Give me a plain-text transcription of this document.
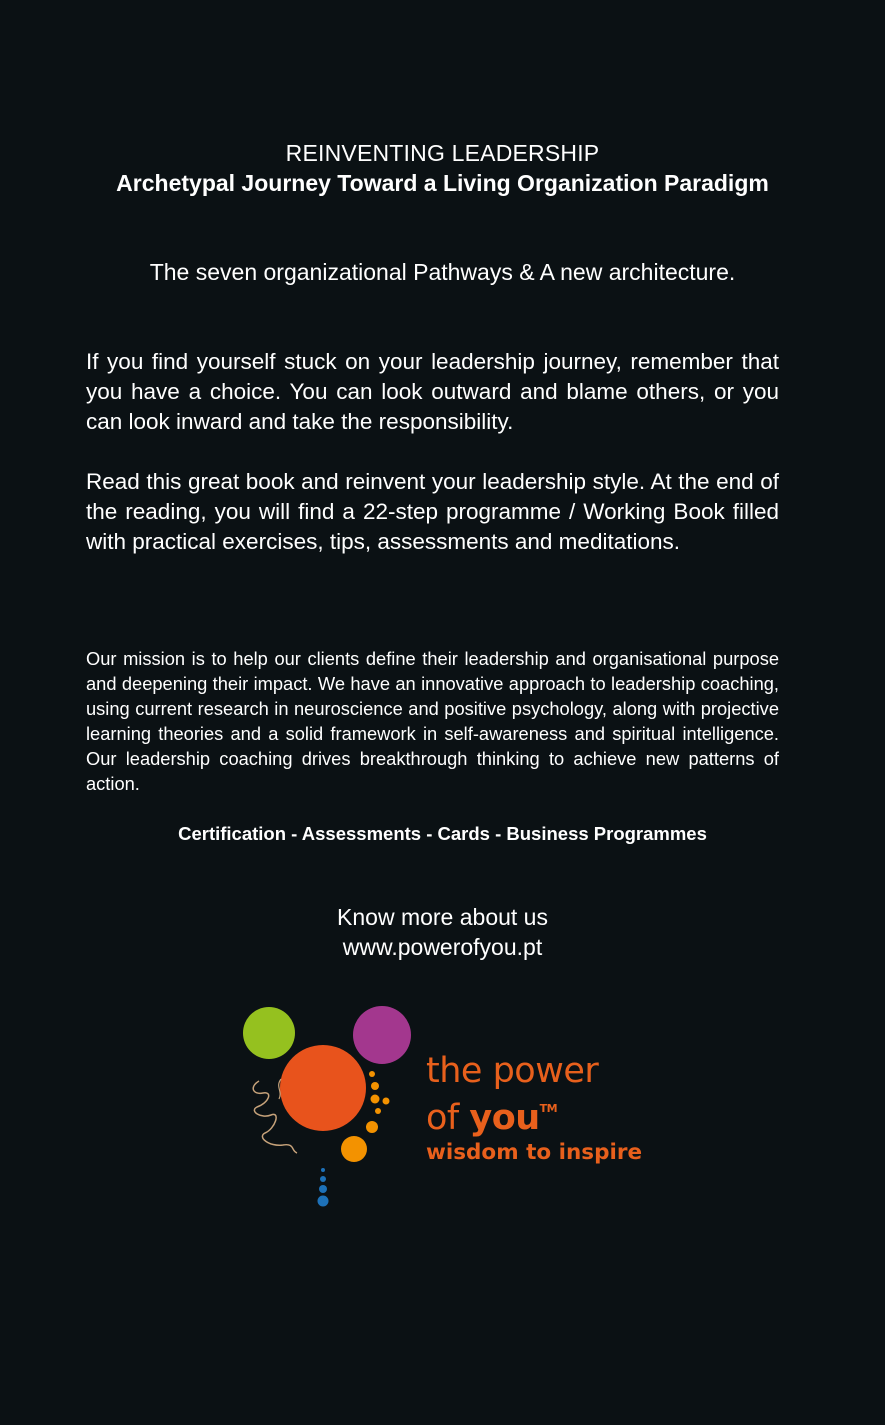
REINVENTING LEADERSHIP
Archetypal Journey Toward a Living Organization Paradigm
The seven organizational Pathways & A new architecture.

If you find yourself stuck on your leadership journey, remember that you have a choice. You can look outward and blame others, or you can look inward and take the responsibility.

Read this great book and reinvent your leadership style. At the end of the reading, you will find a 22-step programme / Working Book filled with practical exercises, tips, assessments and meditations.

Our mission is to help our clients define their leadership and organisational purpose and deepening their impact. We have an innovative approach to leadership coaching, using current research in neuroscience and positive psychology, along with projective learning theories and a solid framework in self-awareness and spiritual intelligence. Our leadership coaching drives breakthrough thinking to achieve new patterns of action.

Certification - Assessments - Cards - Business Programmes
Know more about us
www.powerofyou.pt
the power
of you™
wisdom to inspire
